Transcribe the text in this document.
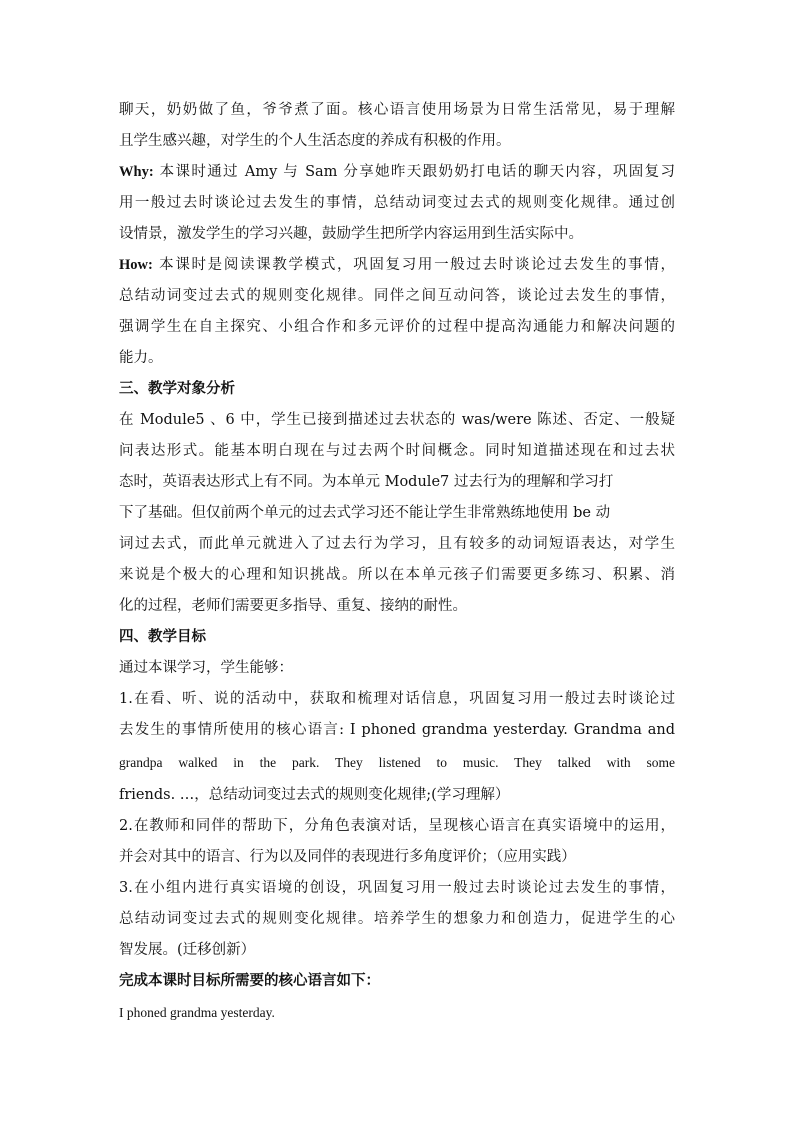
聊天，奶奶做了鱼，爷爷煮了面。核心语言使用场景为日常生活常见，易于理解
且学生感兴趣，对学生的个人生活态度的养成有积极的作用。
Why: 本课时通过 Amy 与 Sam 分享她昨天跟奶奶打电话的聊天内容，巩固复习
用一般过去时谈论过去发生的事情，总结动词变过去式的规则变化规律。通过创
设情景，激发学生的学习兴趣，鼓励学生把所学内容运用到生活实际中。
How: 本课时是阅读课教学模式，巩固复习用一般过去时谈论过去发生的事情，
总结动词变过去式的规则变化规律。同伴之间互动问答，谈论过去发生的事情，
强调学生在自主探究、小组合作和多元评价的过程中提高沟通能力和解决问题的
能力。
三、教学对象分析
在 Module5 、6 中，学生已接到描述过去状态的 was/were 陈述、否定、一般疑
问表达形式。能基本明白现在与过去两个时间概念。同时知道描述现在和过去状
态时，英语表达形式上有不同。为本单元 Module7 过去行为的理解和学习打
下了基础。但仅前两个单元的过去式学习还不能让学生非常熟练地使用 be 动
词过去式，而此单元就进入了过去行为学习，且有较多的动词短语表达，对学生
来说是个极大的心理和知识挑战。所以在本单元孩子们需要更多练习、积累、消
化的过程，老师们需要更多指导、重复、接纳的耐性。
四、教学目标
通过本课学习，学生能够：
1.在看、听、说的活动中，获取和梳理对话信息，巩固复习用一般过去时谈论过
去发生的事情所使用的核心语言: I phoned grandma yesterday. Grandma and
grandpa walked in the park. They listened to music. They talked with some
friends. …，总结动词变过去式的规则变化规律;(学习理解）
2.在教师和同伴的帮助下，分角色表演对话，呈现核心语言在真实语境中的运用，
并会对其中的语言、行为以及同伴的表现进行多角度评价；（应用实践）
3.在小组内进行真实语境的创设，巩固复习用一般过去时谈论过去发生的事情，
总结动词变过去式的规则变化规律。培养学生的想象力和创造力，促进学生的心
智发展。(迁移创新）
完成本课时目标所需要的核心语言如下：
I phoned grandma yesterday.
